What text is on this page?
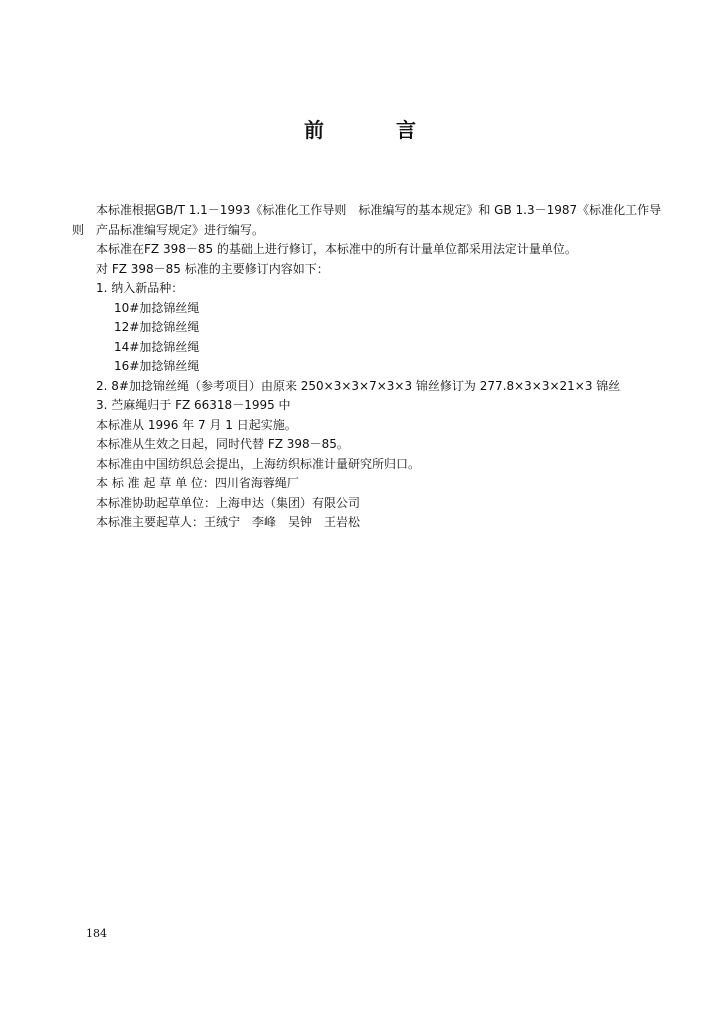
前	言

本标准根据GB/T 1.1－1993《标准化工作导则　标准编写的基本规定》和 GB 1.3－1987《标准化工作导则　产品标准编写规定》进行编写。

本标准在FZ 398－85 的基础上进行修订，本标准中的所有计量单位都采用法定计量单位。

对 FZ 398－85 标准的主要修订内容如下：

1. 纳入新品种：

10#加捻锦丝绳

12#加捻锦丝绳

14#加捻锦丝绳

16#加捻锦丝绳

2. 8#加捻锦丝绳（参考项目）由原来 250×3×3×7×3×3 锦丝修订为 277.8×3×3×21×3 锦丝

3. 苎麻绳归于 FZ 66318－1995 中

本标准从 1996 年 7 月 1 日起实施。

本标准从生效之日起，同时代替 FZ 398－85。

本标准由中国纺织总会提出，上海纺织标准计量研究所归口。

本 标 准 起 草 单 位：四川省海蓉绳厂

本标准协助起草单位：上海申达（集团）有限公司

本标准主要起草人：王绒宁　李峰　吴钟　王岩松

184
